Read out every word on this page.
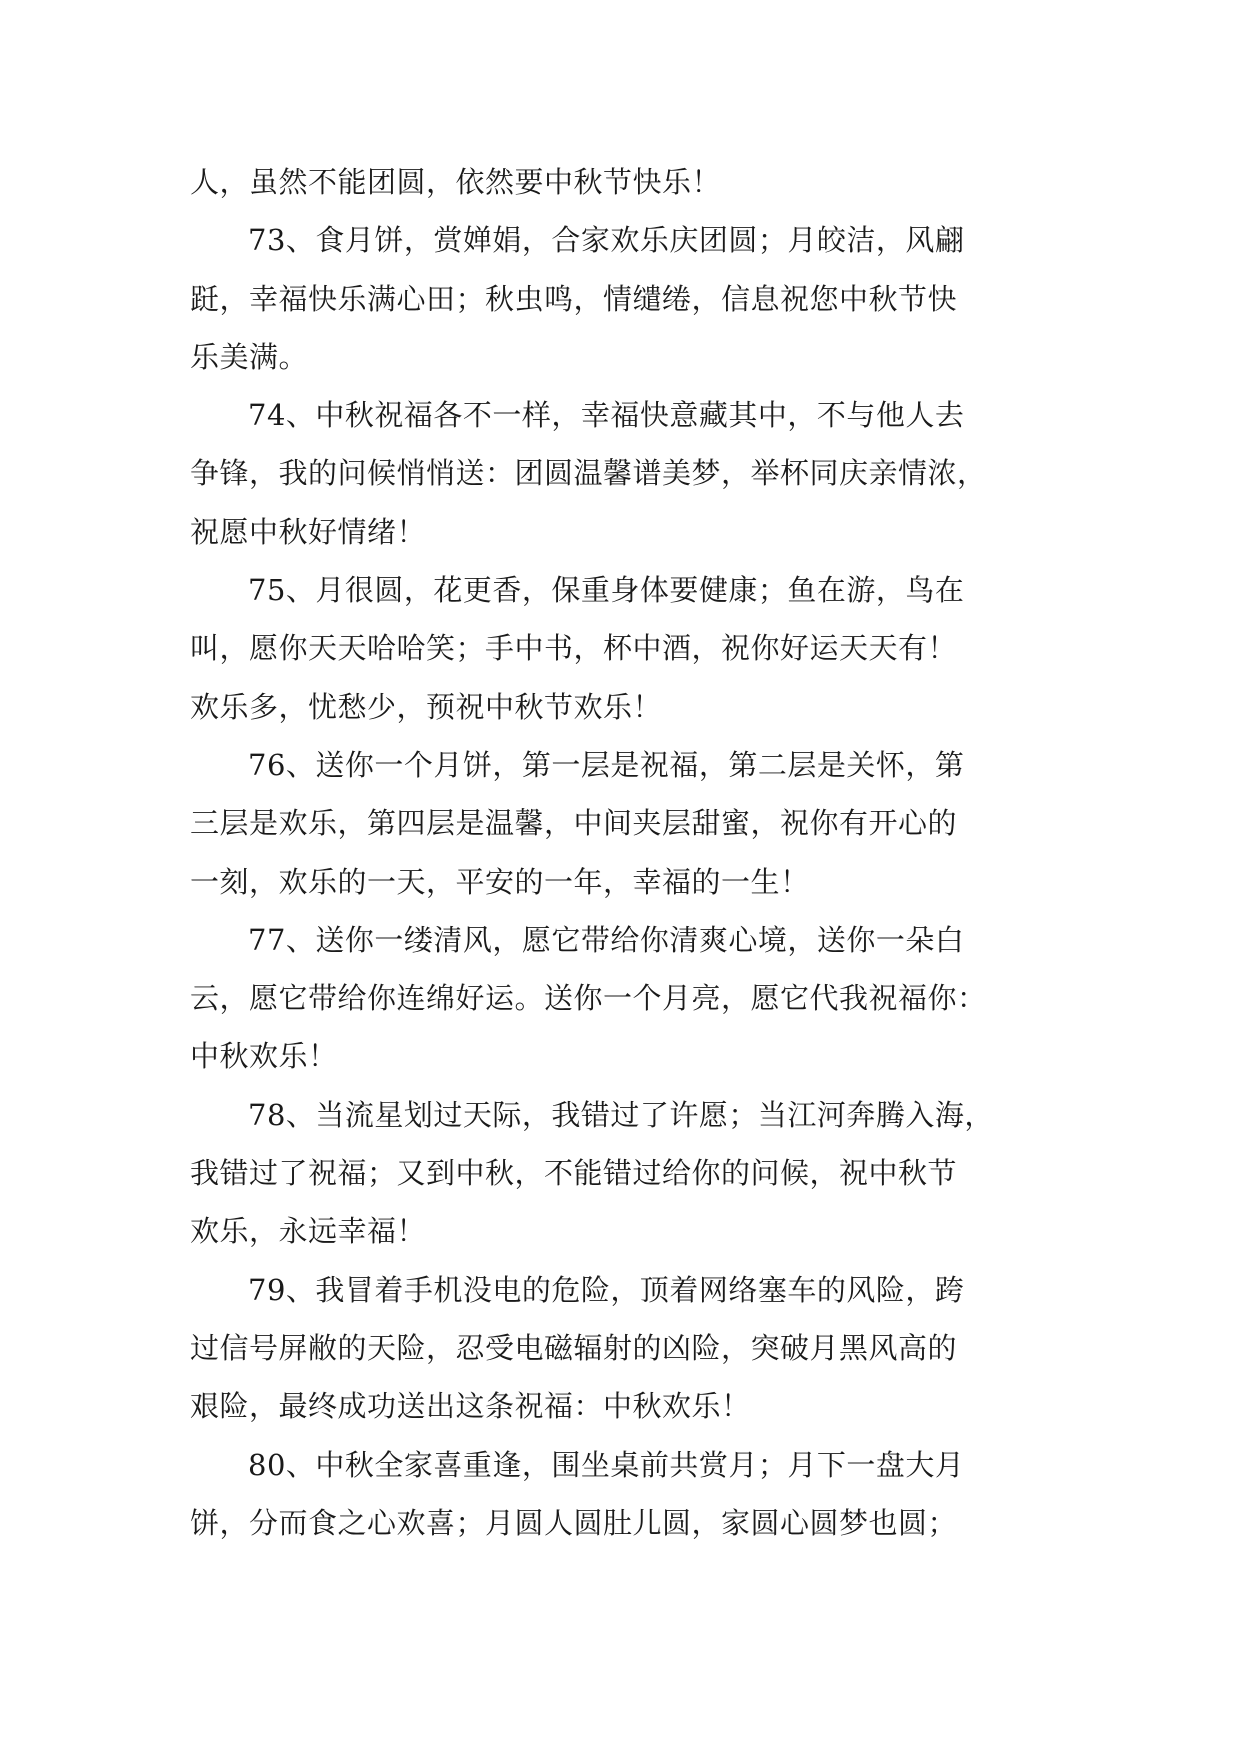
人，虽然不能团圆，依然要中秋节快乐！

73、食月饼，赏婵娟，合家欢乐庆团圆；月皎洁，风翩
跹，幸福快乐满心田；秋虫鸣，情缱绻，信息祝您中秋节快
乐美满。

74、中秋祝福各不一样，幸福快意藏其中，不与他人去
争锋，我的问候悄悄送：团圆温馨谱美梦，举杯同庆亲情浓，
祝愿中秋好情绪！

75、月很圆，花更香，保重身体要健康；鱼在游，鸟在
叫，愿你天天哈哈笑；手中书，杯中酒，祝你好运天天有！
欢乐多，忧愁少，预祝中秋节欢乐！

76、送你一个月饼，第一层是祝福，第二层是关怀，第
三层是欢乐，第四层是温馨，中间夹层甜蜜，祝你有开心的
一刻，欢乐的一天，平安的一年，幸福的一生！

77、送你一缕清风，愿它带给你清爽心境，送你一朵白
云，愿它带给你连绵好运。送你一个月亮，愿它代我祝福你：
中秋欢乐！

78、当流星划过天际，我错过了许愿；当江河奔腾入海，
我错过了祝福；又到中秋，不能错过给你的问候，祝中秋节
欢乐，永远幸福！

79、我冒着手机没电的危险，顶着网络塞车的风险，跨
过信号屏敝的天险，忍受电磁辐射的凶险，突破月黑风高的
艰险，最终成功送出这条祝福：中秋欢乐！

80、中秋全家喜重逢，围坐桌前共赏月；月下一盘大月
饼，分而食之心欢喜；月圆人圆肚儿圆，家圆心圆梦也圆；
